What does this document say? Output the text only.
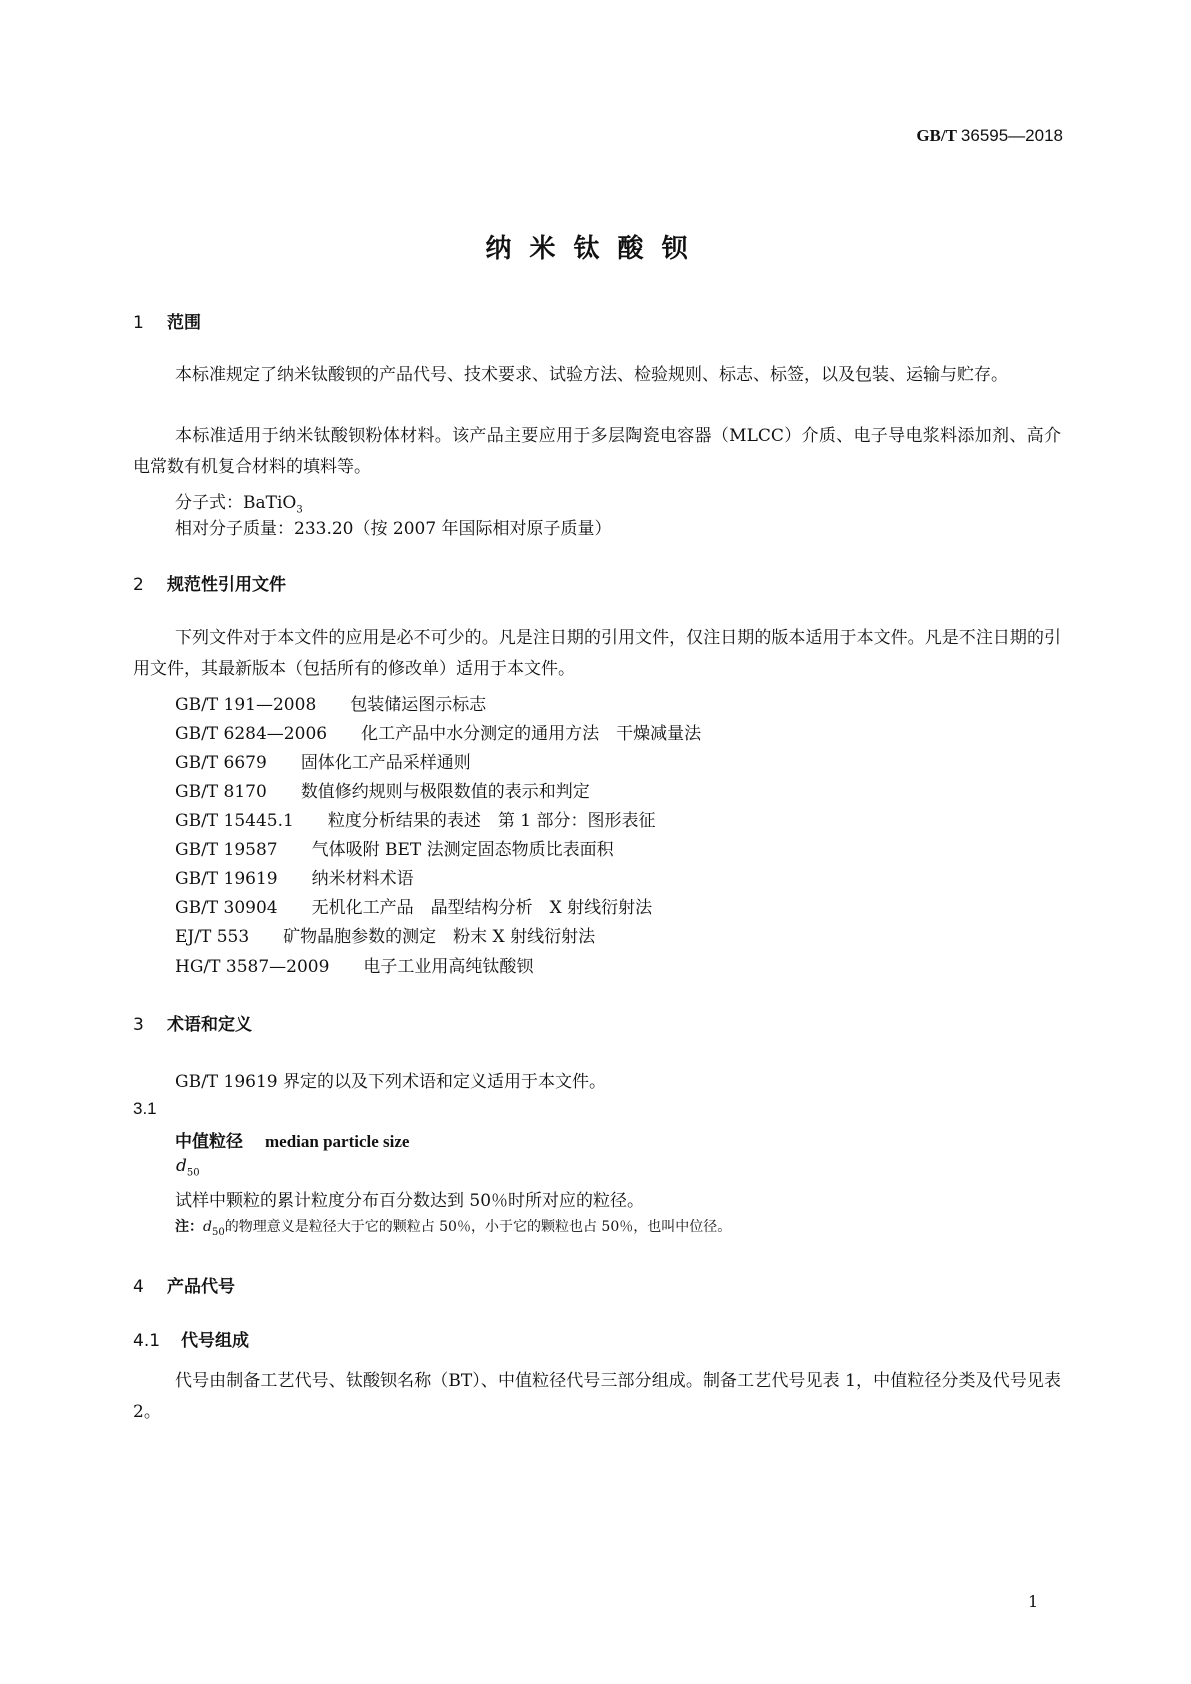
GB/T 36595—2018
纳米钛酸钡
1 范围
本标准规定了纳米钛酸钡的产品代号、技术要求、试验方法、检验规则、标志、标签，以及包装、运输与贮存。
本标准适用于纳米钛酸钡粉体材料。该产品主要应用于多层陶瓷电容器（MLCC）介质、电子导电浆料添加剂、高介电常数有机复合材料的填料等。
分子式：BaTiO$_3$
相对分子质量：233.20（按 2007 年国际相对原子质量）
2 规范性引用文件
下列文件对于本文件的应用是必不可少的。凡是注日期的引用文件，仅注日期的版本适用于本文件。凡是不注日期的引用文件，其最新版本（包括所有的修改单）适用于本文件。
GB/T 191—2008　　 包装储运图示标志
GB/T 6284—2006　　 化工产品中水分测定的通用方法　干燥减量法
GB/T 6679　　 固体化工产品采样通则
GB/T 8170　　 数值修约规则与极限数值的表示和判定
GB/T 15445.1　　 粒度分析结果的表述　第 1 部分：图形表征
GB/T 19587　　 气体吸附 BET 法测定固态物质比表面积
GB/T 19619　　 纳米材料术语
GB/T 30904　　 无机化工产品　晶型结构分析　X 射线衍射法
EJ/T 553　　 矿物晶胞参数的测定　粉末 X 射线衍射法
HG/T 3587—2009　　 电子工业用高纯钛酸钡
3 术语和定义
GB/T 19619 界定的以及下列术语和定义适用于本文件。
3.1
中值粒径 median particle size
$d_{50}$
试样中颗粒的累计粒度分布百分数达到 50％时所对应的粒径。
注：$d_{50}$的物理意义是粒径大于它的颗粒占 50％，小于它的颗粒也占 50％，也叫中位径。
4 产品代号
4.1 代号组成
代号由制备工艺代号、钛酸钡名称（BT）、中值粒径代号三部分组成。制备工艺代号见表 1，中值粒径分类及代号见表 2。
1
